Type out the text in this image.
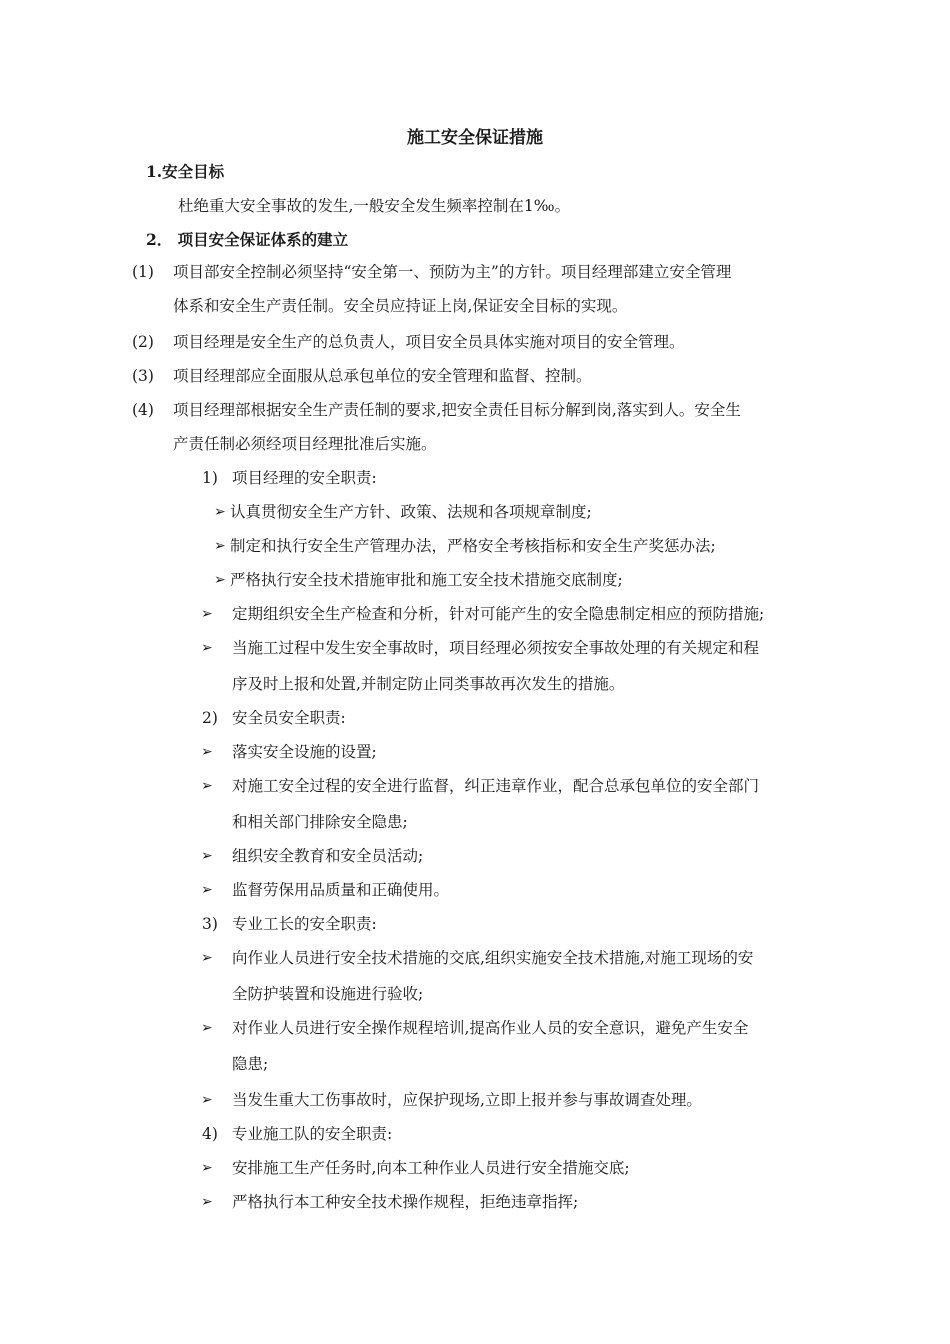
施工安全保证措施
1.安全目标
杜绝重大安全事故的发生,一般安全发生频率控制在1‰。
2． 项目安全保证体系的建立
(1) 项目部安全控制必须坚持“安全第一、预防为主”的方针。项目经理部建立安全管理
体系和安全生产责任制。安全员应持证上岗,保证安全目标的实现。
(2) 项目经理是安全生产的总负责人，项目安全员具体实施对项目的安全管理。
(3) 项目经理部应全面服从总承包单位的安全管理和监督、控制。
(4) 项目经理部根据安全生产责任制的要求,把安全责任目标分解到岗,落实到人。安全生
产责任制必须经项目经理批准后实施。
1) 项目经理的安全职责:
➢ 认真贯彻安全生产方针、政策、法规和各项规章制度;
➢ 制定和执行安全生产管理办法，严格安全考核指标和安全生产奖惩办法;
➢ 严格执行安全技术措施审批和施工安全技术措施交底制度;
➢ 定期组织安全生产检查和分析，针对可能产生的安全隐患制定相应的预防措施;
➢ 当施工过程中发生安全事故时，项目经理必须按安全事故处理的有关规定和程
序及时上报和处置,并制定防止同类事故再次发生的措施。
2) 安全员安全职责:
➢ 落实安全设施的设置;
➢ 对施工安全过程的安全进行监督，纠正违章作业，配合总承包单位的安全部门
和相关部门排除安全隐患;
➢ 组织安全教育和安全员活动;
➢ 监督劳保用品质量和正确使用。
3) 专业工长的安全职责:
➢ 向作业人员进行安全技术措施的交底,组织实施安全技术措施,对施工现场的安
全防护装置和设施进行验收;
➢ 对作业人员进行安全操作规程培训,提高作业人员的安全意识，避免产生安全
隐患;
➢ 当发生重大工伤事故时，应保护现场,立即上报并参与事故调查处理。
4) 专业施工队的安全职责:
➢ 安排施工生产任务时,向本工种作业人员进行安全措施交底;
➢ 严格执行本工种安全技术操作规程，拒绝违章指挥;
